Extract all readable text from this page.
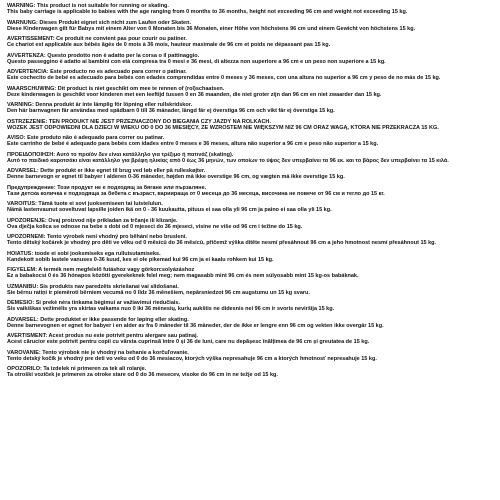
WARNING: This product is not suitable for running or skating.
This baby carriage is applicable to babies with the age ranging from 0 months to 36 months, height not exceeding 96 cm and weight not exceeding 15 kg.
WARNUNG: Dieses Produkt eignet sich nicht zum Laufen oder Skaten.
Diese Kinderwagen gilt für Babys mit einem Alter von 0 Monaten bis 36 Monaten, einer Höhe von höchstens 96 cm und einem Gewicht von höchstens 15 kg.
AVERTISSEMENT: Ce produit ne convient pas pour courir ou patiner.
Ce chariot est applicable aux bébés âgés de 0 mois à 36 mois, hauteur maximale de 96 cm et poids ne dépassant pas 15 kg.
AVVERTENZA: Questo prodotto non è adatto per la corsa o il pattinaggio.
Questo passeggino è adatto ai bambini con età compresa tra 0 mesi e 36 mesi, di altezza non superiore a 96 cm e un peso non superiore a 15 kg.
ADVERTENCIA: Este producto no es adecuado para correr o patinar.
Este cochecito de bebé es adecuado para bebés con edades comprendidas entre 0 meses y 36 meses, con una altura no superior a 96 cm y peso de no más de 15 kg.
WAARSCHUWING: Dit product is niet geschikt om mee te rennen of (rol)schaatsen.
Deze kinderwagen is geschikt voor kinderen met een leeftijd tussen 0 en 36 maanden, die niet groter zijn dan 96 cm en niet zwaarder dan 15 kg.
VARNING: Denna produkt är inte lämplig för löpning eller rullskridskor.
Den här barnvagnen får användas med spädbarn 0 till 36 månader, längd får ej överstiga 96 cm och vikt får ej överstiga 15 kg.
OSTRZEŻENIE: TEN PRODUKT NIE JEST PRZEZNACZONY DO BIEGANIA CZY JAZDY NA ROLKACH.
WÓZEK JEST ODPOWIEDNI DLA DZIECI W WIEKU OD 0 DO 36 MIESIĘCY, ZE WZROSTEM NIE WIĘKSZYM NIŻ 96 CM ORAZ WAGĄ, KTÓRA NIE PRZEKRACZA 15 KG.
AVISO: Este produto não é adequado para correr ou patinar.
Este carrinho de bebé é adequado para bebés com idades entre 0 meses e 36 meses, altura não superior a 96 cm e peso não superior a 15 kg.
ΠΡΟΕΙΔΟΠΟΙΗΣΗ: Αυτό το προϊόν δεν είναι κατάλληλο για τρέξιμο ή πατινάζ (skating).
Αυτό το παιδικό καροτσάκι είναι κατάλληλο για βρέφη ηλικίας από 0 έως 36 μηνών, των οποίων το ύψος δεν υπερβαίνει τα 96 εκ. και το βάρος δεν υπερβαίνει τα 15 κιλά.
ADVARSEL: Dette produkt er ikke egnet til brug ved løb eller på rulleskøjter.
Denne barnevogn er egnet til babyer i alderen 0-36 måneder, højden må ikke overstige 96 cm, og vægten må ikke overstige 15 kg.
Предупреждение: Този продукт не е подходящ за бягане или пързаляне.
Тази детска количка е подходяща за бебета с възраст, вариираща от 0 месеца до 36 месеца, височина не повече от 96 см и тегло до 15 кг.
VAROITUS: Tämä tuote ei sovi juoksemiseen tai luistelulun.
Nämä lastenvaunut soveltuvat lapsille joiden ikä on 0 - 36 kuukautta, pituus ei saa olla yli 96 cm ja paino ei saa olla yli 15 kg.
UPOZORENJE: Ovaj proizvod nije prikladan za trčanje ili klizanje.
Ova dječja kolica se odnose na bebe s dobi od 0 mjeseci do 36 mjeseci, visine ne više od 96 cm i težine do 15 kg.
UPOZORNĚNÍ: Tento výrobek není vhodný pro běhání nebo bruslení.
Tento dětský kočárek je vhodný pro děti ve věku od 0 měsíců do 36 měsíců, přičemž výška dítěte nesmí přesáhnout 96 cm a jeho hmotnost nesmí přesáhnout 15 kg.
HOIATUS: toode ei sobi jooksmiseks ega rulluisutamiseks.
Kandekott sobib lastele vanuses 0-36 kuud, kes ei ole pikemad kui 96 cm ja ei kaalu rohkem kui 15 kg.
FIGYELEM: A termék nem megfelelő futáshoz vagy görkorcsolyázáshoz
Ez a babakocsi 0 és 36 hónapos közötti gyerekeknek felel meg; nem magasabb mint 96 cm és nem súlyosabb mint 15 kg-os babáknak.
UZMANĪBU: Šis produkts nav paredzēts skriešanai vai slidošanai.
Šie bērnu ratiņi ir piemēroti bērniem vecumā no 0 līdz 36 mēnešiem, nepārsniedzot 96 cm augstumu un 15 kg svaru.
DĖMESIO: Ši prekė nėra tinkama bėgimui ar važiavimui riedučiais.
Šis vaikiškas vežimėlis yra skirtas vaikams nuo 0 iki 36 mėnesių, kurių aukštis ne didesnis nei 96 cm ir svoris neviršija 15 kg.
ADVARSEL: Dette produktet er ikke passende for løping eller skating.
Denne barnevognen er egnet for babyer i en alder av fra 0 måneder til 36 måneder, der de ikke er lengre enn 96 cm og vekten ikke overgår 15 kg.
AVERTISMENT: Acest produs nu este potrivit pentru alergare sau patinaj.
Acest cărucior este potrivit pentru copii cu vârsta cuprinsă între 0 și 36 de luni, care nu depășesc înălțimea de 96 cm și greutatea de 15 kg.
VAROVANIE: Tento výrobok nie je vhodný na behanie a korčuľovanie.
Tento detský kočík je vhodný pre deti vo veku od 0 do 36 mesiacov, ktorých výška nepresahuje 96 cm a ktorých hmotnosť nepresahuje 15 kg.
OPOZORILO: Ta izdelek ni primeren za tek ali rolanje.
Ta otroški voziček je primeren za otroke stare od 0 do 36 mesecev, visoke do 96 cm in ne težje od 15 kg.
